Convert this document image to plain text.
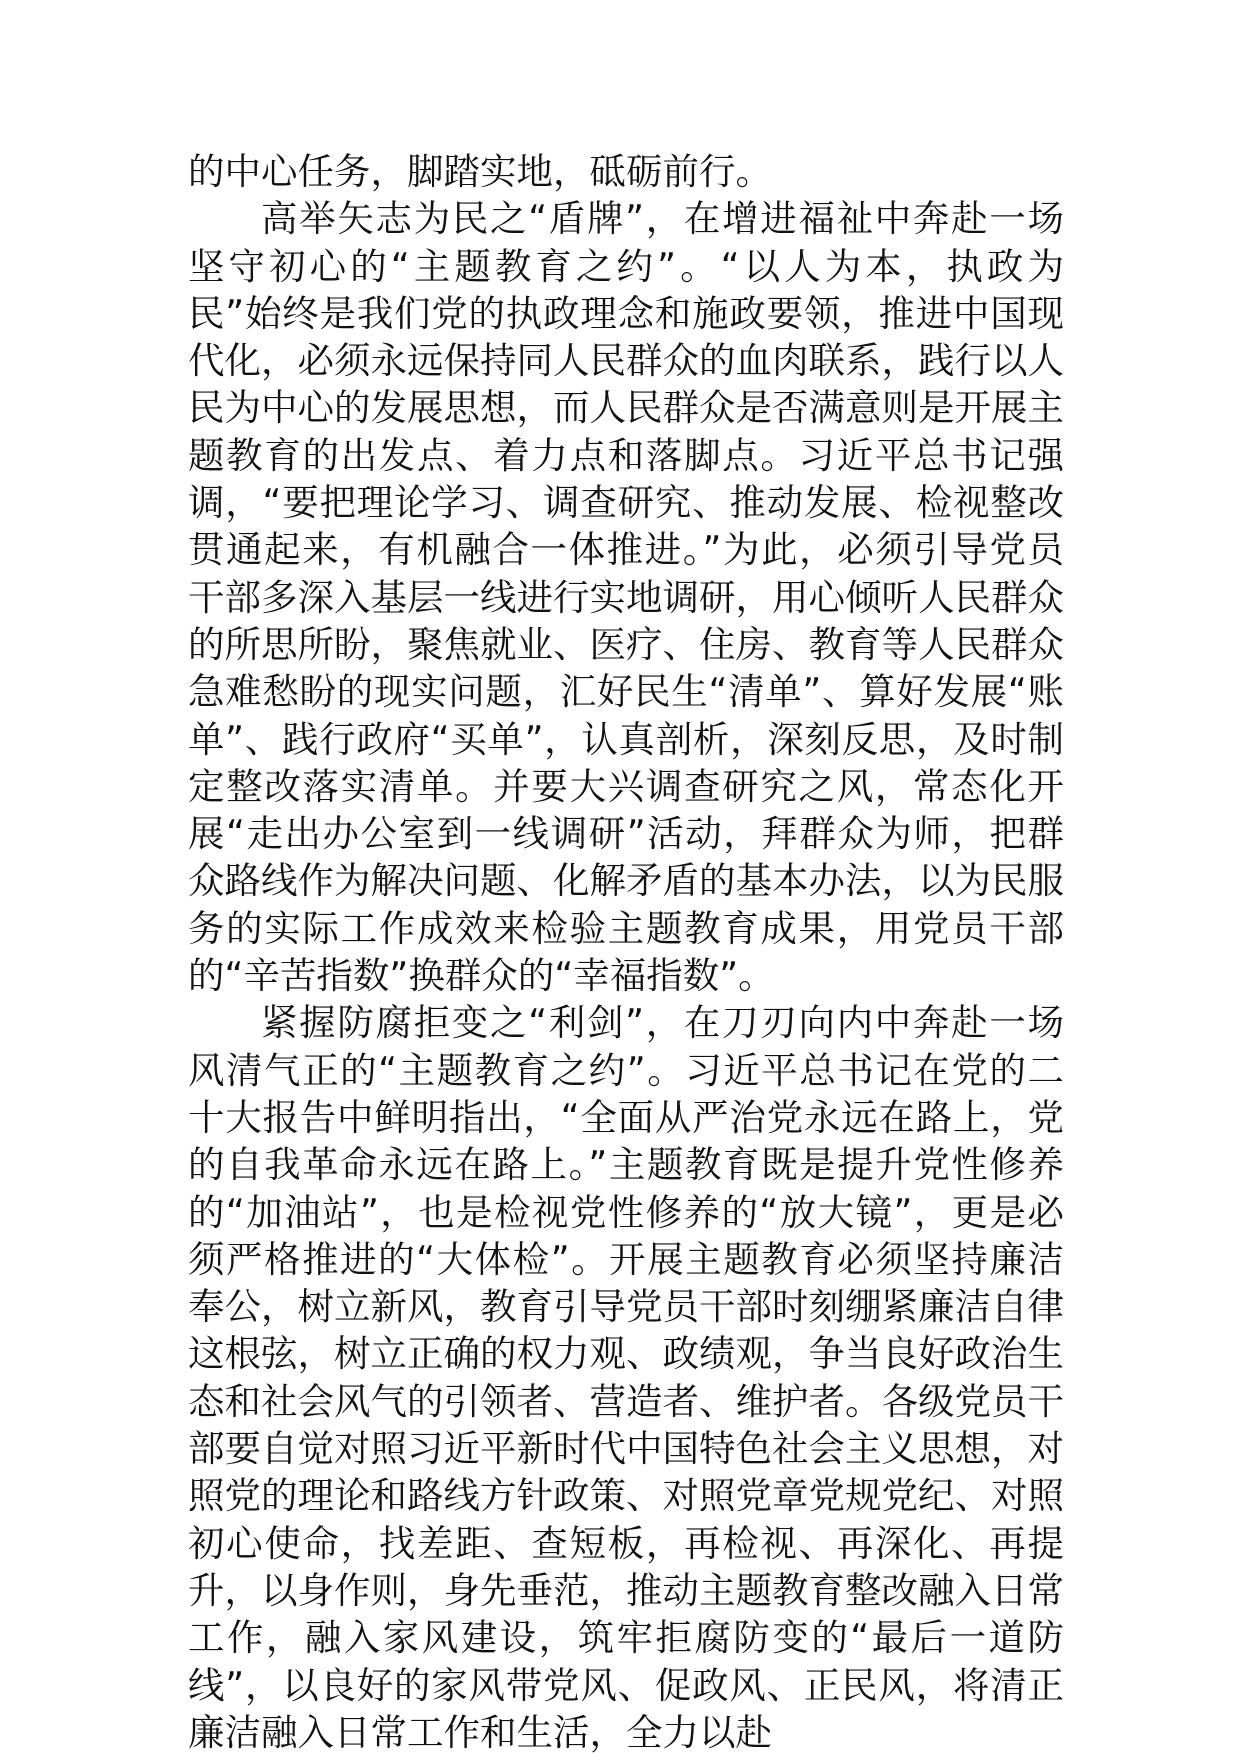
的中心任务，脚踏实地，砥砺前行。

高举矢志为民之“盾牌”，在增进福祉中奔赴一场坚守初心的“主题教育之约”。“以人为本，执政为民”始终是我们党的执政理念和施政要领，推进中国现代化，必须永远保持同人民群众的血肉联系，践行以人民为中心的发展思想，而人民群众是否满意则是开展主题教育的出发点、着力点和落脚点。习近平总书记强调，“要把理论学习、调查研究、推动发展、检视整改贯通起来，有机融合一体推进。”为此，必须引导党员干部多深入基层一线进行实地调研，用心倾听人民群众的所思所盼，聚焦就业、医疗、住房、教育等人民群众急难愁盼的现实问题，汇好民生“清单”、算好发展“账单”、践行政府“买单”，认真剖析，深刻反思，及时制定整改落实清单。并要大兴调查研究之风，常态化开展“走出办公室到一线调研”活动，拜群众为师，把群众路线作为解决问题、化解矛盾的基本办法，以为民服务的实际工作成效来检验主题教育成果，用党员干部的“辛苦指数”换群众的“幸福指数”。

紧握防腐拒变之“利剑”，在刀刃向内中奔赴一场风清气正的“主题教育之约”。习近平总书记在党的二十大报告中鲜明指出，“全面从严治党永远在路上，党的自我革命永远在路上。”主题教育既是提升党性修养的“加油站”，也是检视党性修养的“放大镜”，更是必须严格推进的“大体检”。开展主题教育必须坚持廉洁奉公，树立新风，教育引导党员干部时刻绷紧廉洁自律这根弦，树立正确的权力观、政绩观，争当良好政治生态和社会风气的引领者、营造者、维护者。各级党员干部要自觉对照习近平新时代中国特色社会主义思想，对照党的理论和路线方针政策、对照党章党规党纪、对照初心使命，找差距、查短板，再检视、再深化、再提升，以身作则，身先垂范，推动主题教育整改融入日常工作，融入家风建设，筑牢拒腐防变的“最后一道防线”，以良好的家风带党风、促政风、正民风，将清正廉洁融入日常工作和生活，全力以赴
